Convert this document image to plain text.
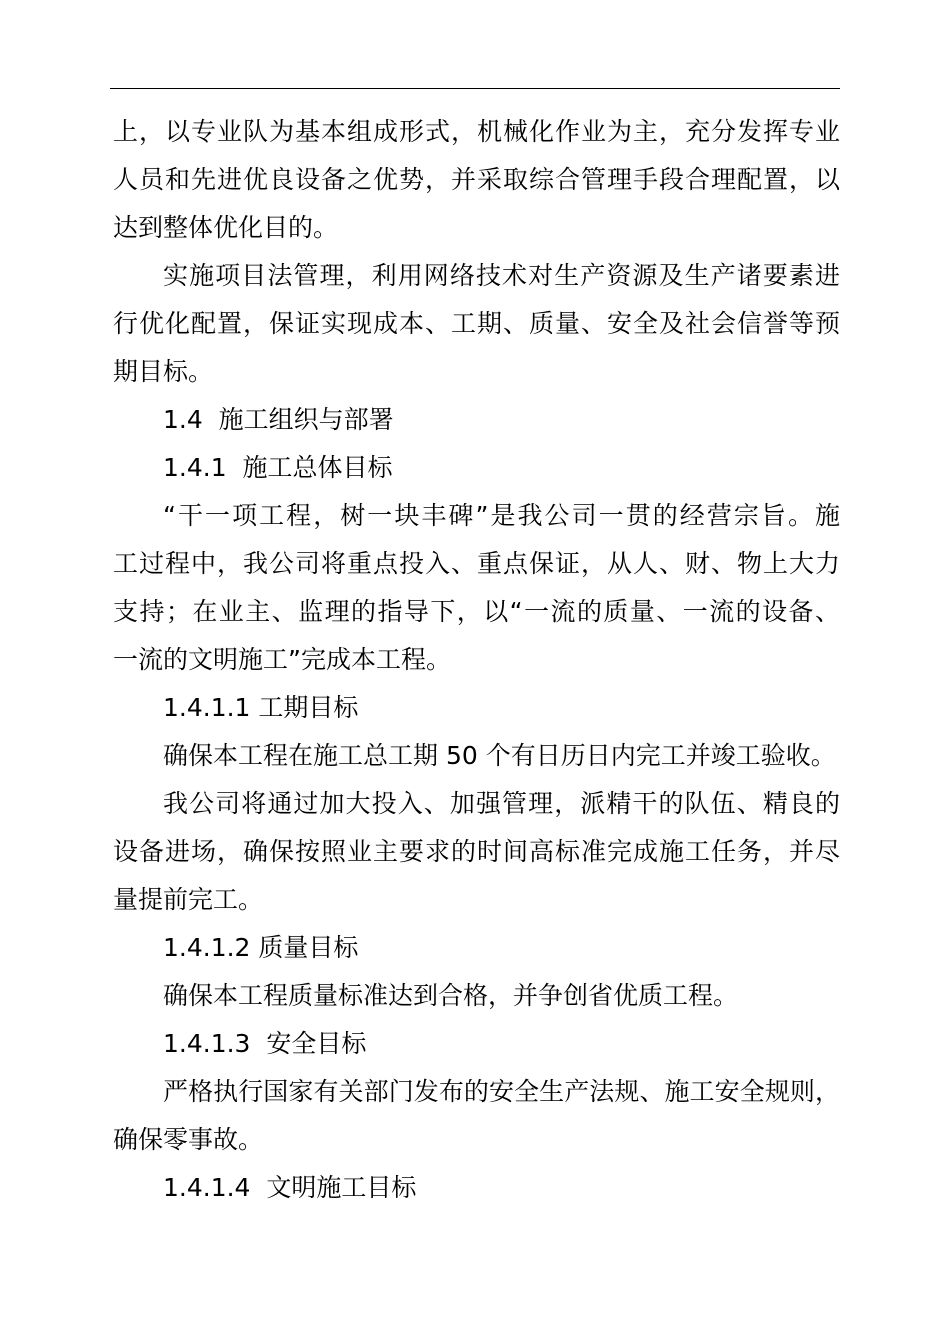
上，以专业队为基本组成形式，机械化作业为主，充分发挥专业
人员和先进优良设备之优势，并采取综合管理手段合理配置，以
达到整体优化目的。
实施项目法管理，利用网络技术对生产资源及生产诸要素进
行优化配置，保证实现成本、工期、质量、安全及社会信誉等预
期目标。
1.4  施工组织与部署
1.4.1  施工总体目标
“干一项工程，树一块丰碑”是我公司一贯的经营宗旨。施
工过程中，我公司将重点投入、重点保证，从人、财、物上大力
支持；在业主、监理的指导下，以“一流的质量、一流的设备、
一流的文明施工”完成本工程。
1.4.1.1 工期目标
确保本工程在施工总工期 50 个有日历日内完工并竣工验收。
我公司将通过加大投入、加强管理，派精干的队伍、精良的
设备进场，确保按照业主要求的时间高标准完成施工任务，并尽
量提前完工。
1.4.1.2 质量目标
确保本工程质量标准达到合格，并争创省优质工程。
1.4.1.3  安全目标
严格执行国家有关部门发布的安全生产法规、施工安全规则，
确保零事故。
1.4.1.4  文明施工目标
